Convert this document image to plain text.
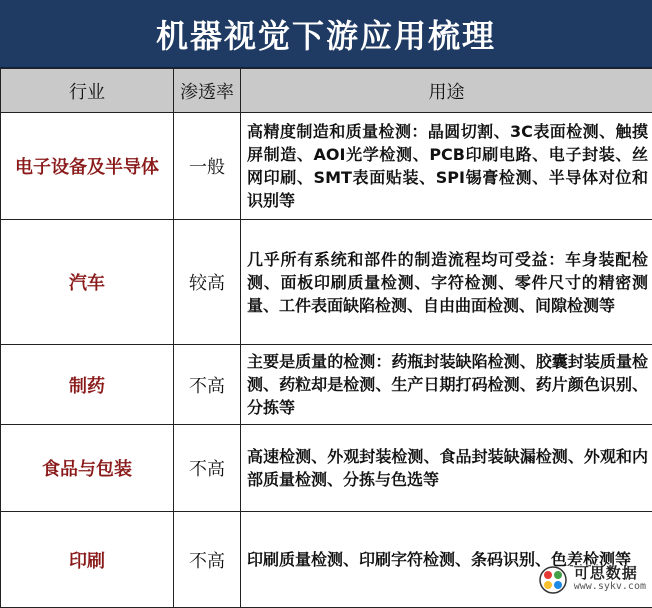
机器视觉下游应用梳理
行业	渗透率	用途
电子设备及半导体	一般	高精度制造和质量检测：晶圆切割、3C表面检测、触摸屏制造、AOI光学检测、PCB印刷电路、电子封装、丝网印刷、SMT表面贴装、SPI锡膏检测、半导体对位和识别等
汽车	较高	几乎所有系统和部件的制造流程均可受益：车身装配检测、面板印刷质量检测、字符检测、零件尺寸的精密测量、工件表面缺陷检测、自由曲面检测、间隙检测等
制药	不高	主要是质量的检测：药瓶封装缺陷检测、胶囊封装质量检测、药粒却是检测、生产日期打码检测、药片颜色识别、分拣等
食品与包装	不高	高速检测、外观封装检测、食品封装缺漏检测、外观和内部质量检测、分拣与色选等
印刷	不高	印刷质量检测、印刷字符检测、条码识别、色差检测等
可思数据
www.sykv.com
